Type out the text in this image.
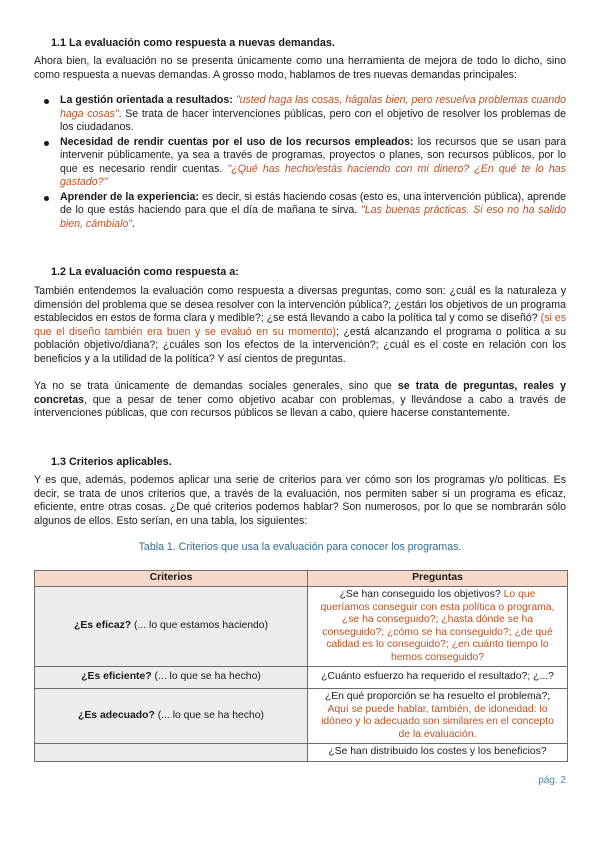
1.1 La evaluación como respuesta a nuevas demandas.
Ahora bien, la evaluación no se presenta únicamente como una herramienta de mejora de todo lo dicho, sino como respuesta a nuevas demandas. A grosso modo, hablamos de tres nuevas demandas principales:
La gestión orientada a resultados: "usted haga las cosas, hágalas bien, pero resuelva problemas cuando haga cosas". Se trata de hacer intervenciones públicas, pero con el objetivo de resolver los problemas de los ciudadanos.
Necesidad de rendir cuentas por el uso de los recursos empleados: los recursos que se usan para intervenir públicamente, ya sea a través de programas, proyectos o planes, son recursos públicos, por lo que es necesario rendir cuentas. "¿Qué has hecho/estás haciendo con mi dinero? ¿En qué te lo has gastado?"
Aprender de la experiencia: es decir, si estás haciendo cosas (esto es, una intervención pública), aprende de lo que estás haciendo para que el día de mañana te sirva. "Las buenas prácticas. Si eso no ha salido bien, cámbialo".
1.2 La evaluación como respuesta a:
También entendemos la evaluación como respuesta a diversas preguntas, como son: ¿cuál es la naturaleza y dimensión del problema que se desea resolver con la intervención pública?; ¿están los objetivos de un programa establecidos en estos de forma clara y medible?; ¿se está llevando a cabo la política tal y como se diseñó? (si es que el diseño también era buen y se evaluó en su momento); ¿está alcanzando el programa o política a su población objetivo/diana?; ¿cuáles son los efectos de la intervención?; ¿cuál es el coste en relación con los beneficios y a la utilidad de la política? Y así cientos de preguntas.
Ya no se trata únicamente de demandas sociales generales, sino que se trata de preguntas, reales y concretas, que a pesar de tener como objetivo acabar con problemas, y llevándose a cabo a través de intervenciones públicas, que con recursos públicos se llevan a cabo, quiere hacerse constantemente.
1.3 Criterios aplicables.
Y es que, además, podemos aplicar una serie de criterios para ver cómo son los programas y/o políticas. Es decir, se trata de unos criterios que, a través de la evaluación, nos permiten saber si un programa es eficaz, eficiente, entre otras cosas. ¿De qué criterios podemos hablar? Son numerosos, por lo que se nombrarán sólo algunos de ellos. Esto serían, en una tabla, los siguientes:
Tabla 1. Criterios que usa la evaluación para conocer los programas.
Criterios	Preguntas
¿Es eficaz? (... lo que estamos haciendo)	¿Se han conseguido los objetivos? Lo que queríamos conseguir con esta política o programa, ¿se ha conseguido?; ¿hasta dónde se ha conseguido?; ¿cómo se ha conseguido?; ¿de qué calidad es lo conseguido?; ¿en cuánto tiempo lo hemos conseguido?
¿Es eficiente? (... lo que se ha hecho)	¿Cuánto esfuerzo ha requerido el resultado?; ¿...?
¿Es adecuado? (... lo que se ha hecho)	¿En qué proporción se ha resuelto el problema?; Aquí se puede hablar, también, de idoneidad: lo idóneo y lo adecuado son similares en el concepto de la evaluación.
	¿Se han distribuido los costes y los beneficios?
pág. 2
